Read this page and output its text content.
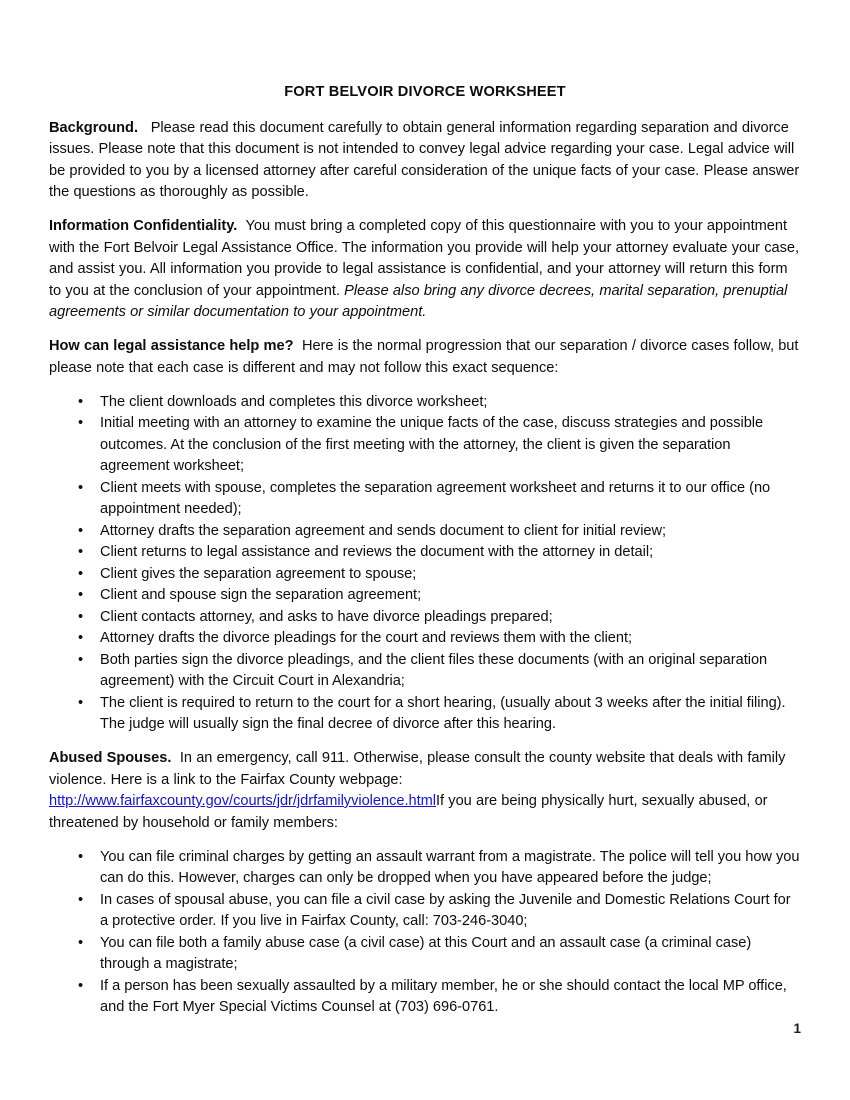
FORT BELVOIR DIVORCE WORKSHEET

Background. Please read this document carefully to obtain general information regarding separation and divorce issues. Please note that this document is not intended to convey legal advice regarding your case. Legal advice will be provided to you by a licensed attorney after careful consideration of the unique facts of your case. Please answer the questions as thoroughly as possible.

Information Confidentiality. You must bring a completed copy of this questionnaire with you to your appointment with the Fort Belvoir Legal Assistance Office. The information you provide will help your attorney evaluate your case, and assist you. All information you provide to legal assistance is confidential, and your attorney will return this form to you at the conclusion of your appointment. Please also bring any divorce decrees, marital separation, prenuptial agreements or similar documentation to your appointment.

How can legal assistance help me? Here is the normal progression that our separation / divorce cases follow, but please note that each case is different and may not follow this exact sequence:

• The client downloads and completes this divorce worksheet;
• Initial meeting with an attorney to examine the unique facts of the case, discuss strategies and possible outcomes. At the conclusion of the first meeting with the attorney, the client is given the separation agreement worksheet;
• Client meets with spouse, completes the separation agreement worksheet and returns it to our office (no appointment needed);
• Attorney drafts the separation agreement and sends document to client for initial review;
• Client returns to legal assistance and reviews the document with the attorney in detail;
• Client gives the separation agreement to spouse;
• Client and spouse sign the separation agreement;
• Client contacts attorney, and asks to have divorce pleadings prepared;
• Attorney drafts the divorce pleadings for the court and reviews them with the client;
• Both parties sign the divorce pleadings, and the client files these documents (with an original separation agreement) with the Circuit Court in Alexandria;
• The client is required to return to the court for a short hearing, (usually about 3 weeks after the initial filing). The judge will usually sign the final decree of divorce after this hearing.

Abused Spouses. In an emergency, call 911. Otherwise, please consult the county website that deals with family violence. Here is a link to the Fairfax County webpage: http://www.fairfaxcounty.gov/courts/jdr/jdrfamilyviolence.htmlIf you are being physically hurt, sexually abused, or threatened by household or family members:

• You can file criminal charges by getting an assault warrant from a magistrate. The police will tell you how you can do this. However, charges can only be dropped when you have appeared before the judge;
• In cases of spousal abuse, you can file a civil case by asking the Juvenile and Domestic Relations Court for a protective order. If you live in Fairfax County, call: 703-246-3040;
• You can file both a family abuse case (a civil case) at this Court and an assault case (a criminal case) through a magistrate;
• If a person has been sexually assaulted by a military member, he or she should contact the local MP office, and the Fort Myer Special Victims Counsel at (703) 696-0761.
1
